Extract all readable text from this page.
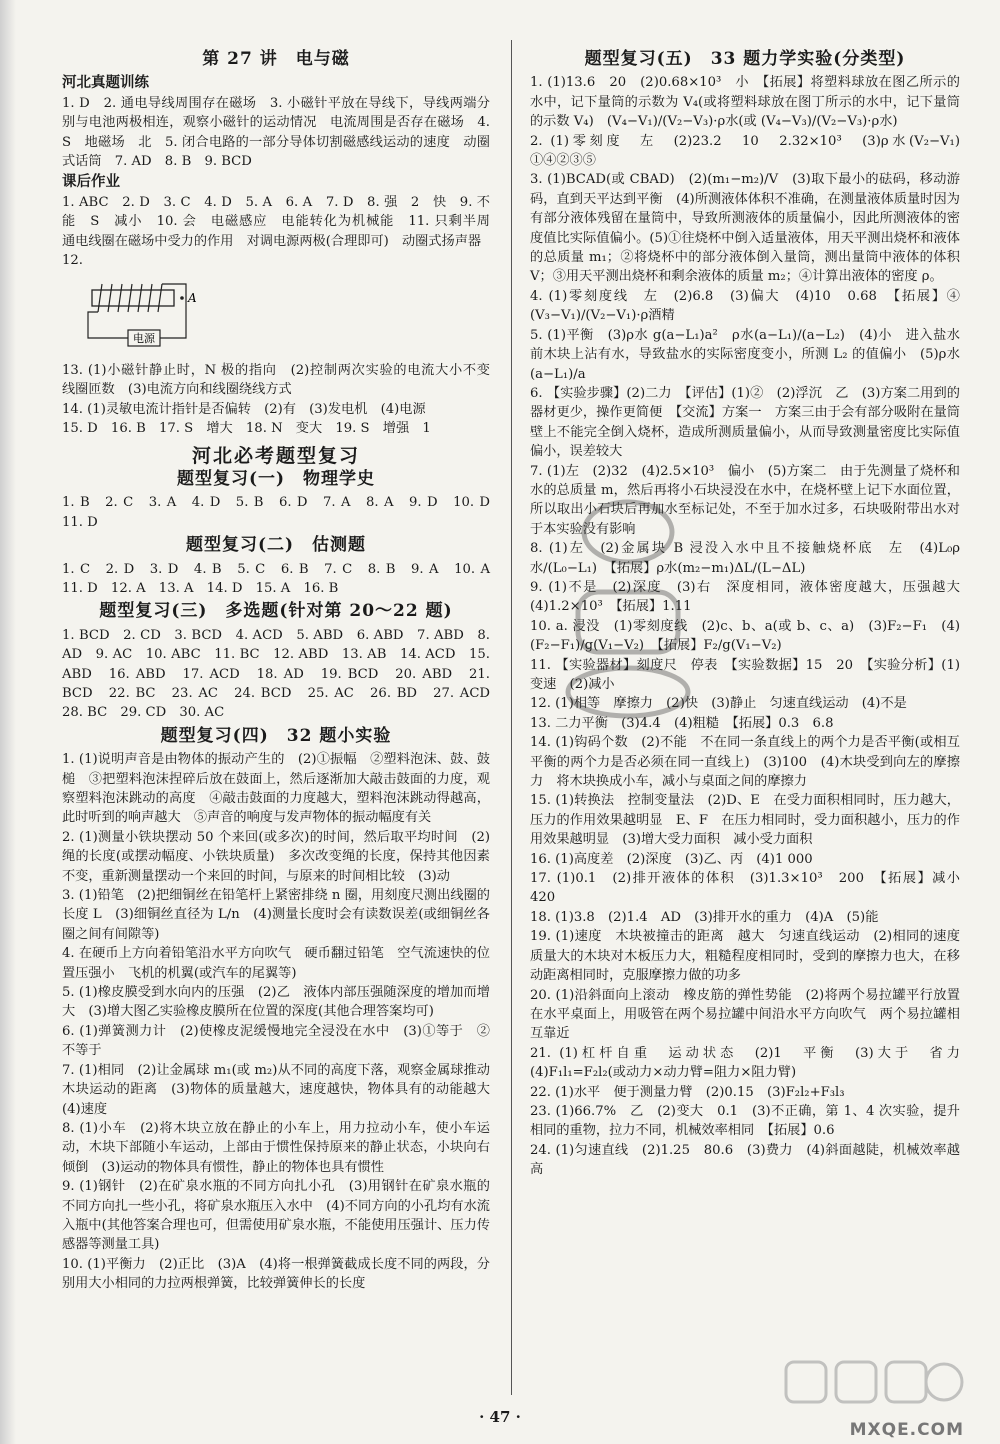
第 27 讲　电与磁
河北真题训练

1. D　2. 通电导线周围存在磁场　3. 小磁针平放在导线下，导线两端分别与电池两极相连，观察小磁针的运动情况　电流周围是否存在磁场　4. S　地磁场　北　5. 闭合电路的一部分导体切割磁感线运动的速度　动圈式话筒　7. AD　8. B　9. BCD

课后作业

1. ABC　2. D　3. C　4. D　5. A　6. A　7. D　8. 强　2　快　9. 不能　S　减小　10. 会　电磁感应　电能转化为机械能　11. 只剩半周　通电线圈在磁场中受力的作用　对调电源两极(合理即可)　动圈式扬声器

12.
A
电源

13. (1)小磁针静止时，N 极的指向　(2)控制两次实验的电流大小不变　线圈匝数　(3)电流方向和线圈绕线方式

14. (1)灵敏电流计指针是否偏转　(2)有　(3)发电机　(4)电源

15. D　16. B　17. S　增大　18. N　变大　19. S　增强　1

河北必考题型复习
题型复习(一)　物理学史

1. B　2. C　3. A　4. D　5. B　6. D　7. A　8. A　9. D　10. D　11. D

题型复习(二)　估测题

1. C　2. D　3. D　4. B　5. C　6. B　7. C　8. B　9. A　10. A　11. D　12. A　13. A　14. D　15. A　16. B

题型复习(三)　多选题(针对第 20～22 题)

1. BCD　2. CD　3. BCD　4. ACD　5. ABD　6. ABD　7. ABD　8. AD　9. AC　10. ABC　11. BC　12. ABD　13. AB　14. ACD　15. ABD　16. ABD　17. ACD　18. AD　19. BCD　20. ABD　21. BCD　22. BC　23. AC　24. BCD　25. AC　26. BD　27. ACD　28. BC　29. CD　30. AC

题型复习(四)　32 题小实验

1. (1)说明声音是由物体的振动产生的　(2)①振幅　②塑料泡沫、鼓、鼓槌　③把塑料泡沫捏碎后放在鼓面上，然后逐渐加大敲击鼓面的力度，观察塑料泡沫跳动的高度　④敲击鼓面的力度越大，塑料泡沫跳动得越高，此时听到的响声越大　⑤声音的响度与发声物体的振动幅度有关

2. (1)测量小铁块摆动 50 个来回(或多次)的时间，然后取平均时间　(2)绳的长度(或摆动幅度、小铁块质量)　多次改变绳的长度，保持其他因素不变，重新测量摆动一个来回的时间，与原来的时间相比较　(3)动

3. (1)铅笔　(2)把细铜丝在铅笔杆上紧密排绕 n 圈，用刻度尺测出线圈的长度 L　(3)细铜丝直径为 L/n　(4)测量长度时会有读数误差(或细铜丝各圈之间有间隙等)

4. 在硬币上方向着铅笔沿水平方向吹气　硬币翻过铅笔　空气流速快的位置压强小　飞机的机翼(或汽车的尾翼等)

5. (1)橡皮膜受到水向内的压强　(2)乙　液体内部压强随深度的增加而增大　(3)增大图乙实验橡皮膜所在位置的深度(其他合理答案均可)

6. (1)弹簧测力计　(2)使橡皮泥缓慢地完全浸没在水中　(3)①等于　②不等于

7. (1)相同　(2)让金属球 m₁(或 m₂)从不同的高度下落，观察金属球推动木块运动的距离　(3)物体的质量越大，速度越快，物体具有的动能越大　(4)速度

8. (1)小车　(2)将木块立放在静止的小车上，用力拉动小车，使小车运动，木块下部随小车运动，上部由于惯性保持原来的静止状态，小块向右倾倒　(3)运动的物体具有惯性，静止的物体也具有惯性

9. (1)钢针　(2)在矿泉水瓶的不同方向扎小孔　(3)用钢针在矿泉水瓶的不同方向扎一些小孔，将矿泉水瓶压入水中　(4)不同方向的小孔均有水流入瓶中(其他答案合理也可，但需使用矿泉水瓶，不能使用压强计、压力传感器等测量工具)

10. (1)平衡力　(2)正比　(3)A　(4)将一根弹簧截成长度不同的两段，分别用大小相同的力拉两根弹簧，比较弹簧伸长的长度

题型复习(五)　33 题力学实验(分类型)

1. (1)13.6　20　(2)0.68×10³　小　【拓展】将塑料球放在图乙所示的水中，记下量筒的示数为 V₄(或将塑料球放在图丁所示的水中，记下量筒的示数 V₄)　(V₄−V₁)/(V₂−V₃)·ρ水(或 (V₄−V₃)/(V₂−V₃)·ρ水)

2. (1)零刻度　左　(2)23.2　10　2.32×10³　(3)ρ水(V₂−V₁)　①④②③⑤

3. (1)BCAD(或 CBAD)　(2)(m₁−m₂)/V　(3)取下最小的砝码，移动游码，直到天平达到平衡　(4)所测液体体积不准确，在测量液体质量时因为有部分液体残留在量筒中，导致所测液体的质量偏小，因此所测液体的密度值比实际值偏小。(5)①往烧杯中倒入适量液体，用天平测出烧杯和液体的总质量 m₁；②将烧杯中的部分液体倒入量筒，测出量筒中液体的体积 V；③用天平测出烧杯和剩余液体的质量 m₂；④计算出液体的密度 ρ。

4. (1)零刻度线　左　(2)6.8　(3)偏大　(4)10　0.68　【拓展】④　(V₃−V₁)/(V₂−V₁)·ρ酒精

5. (1)平衡　(3)ρ水 g(a−L₁)a²　ρ水(a−L₁)/(a−L₂)　(4)小　进入盐水前木块上沾有水，导致盐水的实际密度变小，所测 L₂ 的值偏小　(5)ρ水(a−L₁)/a

6. 【实验步骤】(2)二力　【评估】(1)②　(2)浮沉　乙　(3)方案二用到的器材更少，操作更简便　【交流】方案一　方案三由于会有部分吸附在量筒壁上不能完全倒入烧杯，造成所测质量偏小，从而导致测量密度比实际值偏小，误差较大

7. (1)左　(2)32　(4)2.5×10³　偏小　(5)方案二　由于先测量了烧杯和水的总质量 m，然后再将小石块浸没在水中，在烧杯壁上记下水面位置，所以取出小石块后再加水至标记处，不至于加水过多，石块吸附带出水对于本实验没有影响

8. (1)左　(2)金属块 B 浸没入水中且不接触烧杯底　左　(4)L₀ρ水/(L₀−L₁)　【拓展】ρ水(m₂−m₁)ΔL/(L−ΔL)

9. (1)不是　(2)深度　(3)右　深度相同，液体密度越大，压强越大　(4)1.2×10³　【拓展】1.11

10. a. 浸没　(1)零刻度线　(2)c、b、a(或 b、c、a)　(3)F₂−F₁　(4)(F₂−F₁)/g(V₁−V₂)　【拓展】F₂/g(V₁−V₂)

11. 【实验器材】刻度尺　停表　【实验数据】15　20　【实验分析】(1)变速　(2)减小

12. (1)相等　摩擦力　(2)快　(3)静止　匀速直线运动　(4)不是

13. 二力平衡　(3)4.4　(4)粗糙　【拓展】0.3　6.8

14. (1)钩码个数　(2)不能　不在同一条直线上的两个力是否平衡(或相互平衡的两个力是否必须在同一直线上)　(3)100　(4)木块受到向左的摩擦力　将木块换成小车，减小与桌面之间的摩擦力

15. (1)转换法　控制变量法　(2)D、E　在受力面积相同时，压力越大，压力的作用效果越明显　E、F　在压力相同时，受力面积越小，压力的作用效果越明显　(3)增大受力面积　减小受力面积

16. (1)高度差　(2)深度　(3)乙、丙　(4)1 000

17. (1)0.1　(2)排开液体的体积　(3)1.3×10³　200　【拓展】减小　420

18. (1)3.8　(2)1.4　AD　(3)排开水的重力　(4)A　(5)能

19. (1)速度　木块被撞击的距离　越大　匀速直线运动　(2)相同的速度　质量大的木块对木板压力大，粗糙程度相同时，受到的摩擦力也大，在移动距离相同时，克服摩擦力做的功多

20. (1)沿斜面向上滚动　橡皮筋的弹性势能　(2)将两个易拉罐平行放置在水平桌面上，用吸管在两个易拉罐中间沿水平方向吹气　两个易拉罐相互靠近

21. (1)杠杆自重　运动状态　(2)1　平衡　(3)大于　省力　(4)F₁l₁=F₂l₂(或动力×动力臂=阻力×阻力臂)

22. (1)水平　便于测量力臂　(2)0.15　(3)F₂l₂+F₃l₃

23. (1)66.7%　乙　(2)变大　0.1　(3)不正确，第 1、4 次实验，提升相同的重物，拉力不同，机械效率相同　【拓展】0.6

24. (1)匀速直线　(2)1.25　80.6　(3)费力　(4)斜面越陡，机械效率越高

· 47 ·
MXQE.COM
